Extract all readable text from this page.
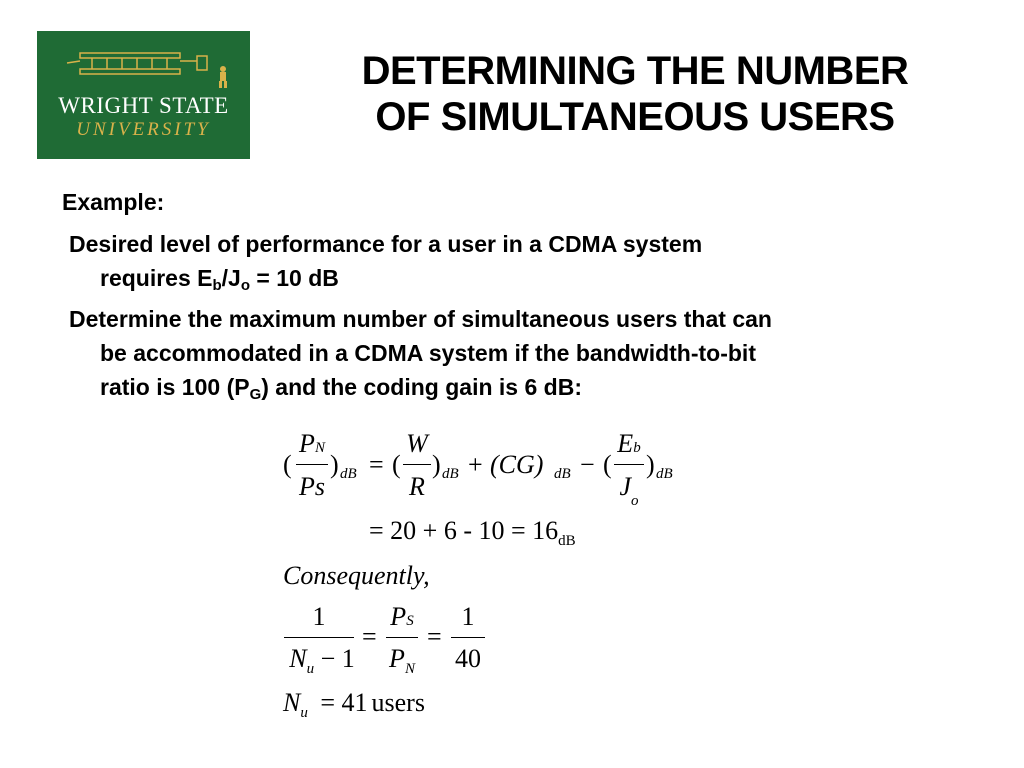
WRIGHT STATE
UNIVERSITY
DETERMINING THE NUMBER
OF SIMULTANEOUS USERS
Example:
Desired level of performance for a user in a CDMA system
requires $E_b/J_o = 10$ dB
Determine the maximum number of simultaneous users that can
be accommodated in a CDMA system if the bandwidth-to-bit
ratio is 100 $(P_G)$ and the coding gain is 6 dB:
(
PN
Ps
) dB = (
W
R
) dB + (CG) dB − (
Eb
$J_o$
) dB
= $20 + 6 - 10 = 16_{dB}$
Consequently,
1
$N_u - 1$
=
PS
$P_N$
=
1
40
$N_u = 41$ users
